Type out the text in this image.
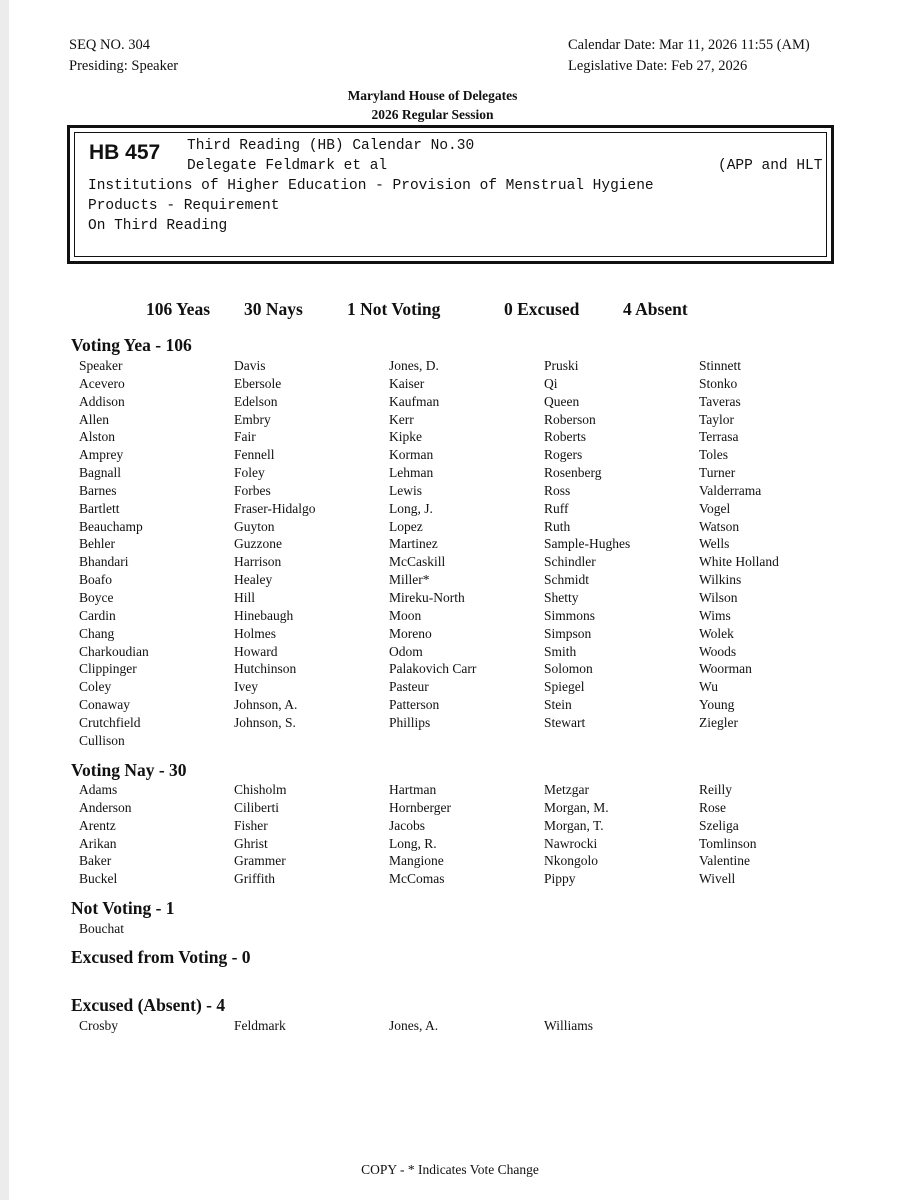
SEQ NO. 304
Presiding: Speaker
Calendar Date: Mar 11, 2026 11:55 (AM)
Legislative Date: Feb 27, 2026
Maryland House of Delegates
2026 Regular Session
HB 457 Third Reading (HB) Calendar No.30
Delegate Feldmark et al	(APP and HLT
Institutions of Higher Education - Provision of Menstrual Hygiene
Products - Requirement
On Third Reading
106 Yeas 30 Nays	1 Not Voting	0 Excused 4 Absent
Voting Yea - 106
Speaker	Davis	Jones, D.	Pruski	Stinnett
Acevero	Ebersole	Kaiser	Qi	Stonko
Addison	Edelson	Kaufman	Queen	Taveras
Allen	Embry	Kerr	Roberson	Taylor
Alston	Fair	Kipke	Roberts	Terrasa
Amprey	Fennell	Korman	Rogers	Toles
Bagnall	Foley	Lehman	Rosenberg	Turner
Barnes	Forbes	Lewis	Ross	Valderrama
Bartlett	Fraser-Hidalgo	Long, J.	Ruff	Vogel
Beauchamp	Guyton	Lopez	Ruth	Watson
Behler	Guzzone	Martinez	Sample-Hughes	Wells
Bhandari	Harrison	McCaskill	Schindler	White Holland
Boafo	Healey	Miller*	Schmidt	Wilkins
Boyce	Hill	Mireku-North	Shetty	Wilson
Cardin	Hinebaugh	Moon	Simmons	Wims
Chang	Holmes	Moreno	Simpson	Wolek
Charkoudian	Howard	Odom	Smith	Woods
Clippinger	Hutchinson	Palakovich Carr	Solomon	Woorman
Coley	Ivey	Pasteur	Spiegel	Wu
Conaway	Johnson, A.	Patterson	Stein	Young
Crutchfield	Johnson, S.	Phillips	Stewart	Ziegler
Cullison
Voting Nay - 30
Adams	Chisholm	Hartman	Metzgar	Reilly
Anderson	Ciliberti	Hornberger	Morgan, M.	Rose
Arentz	Fisher	Jacobs	Morgan, T.	Szeliga
Arikan	Ghrist	Long, R.	Nawrocki	Tomlinson
Baker	Grammer	Mangione	Nkongolo	Valentine
Buckel	Griffith	McComas	Pippy	Wivell
Not Voting - 1
Bouchat
Excused from Voting - 0
Excused (Absent) - 4
Crosby	Feldmark	Jones, A.	Williams
COPY - * Indicates Vote Change
